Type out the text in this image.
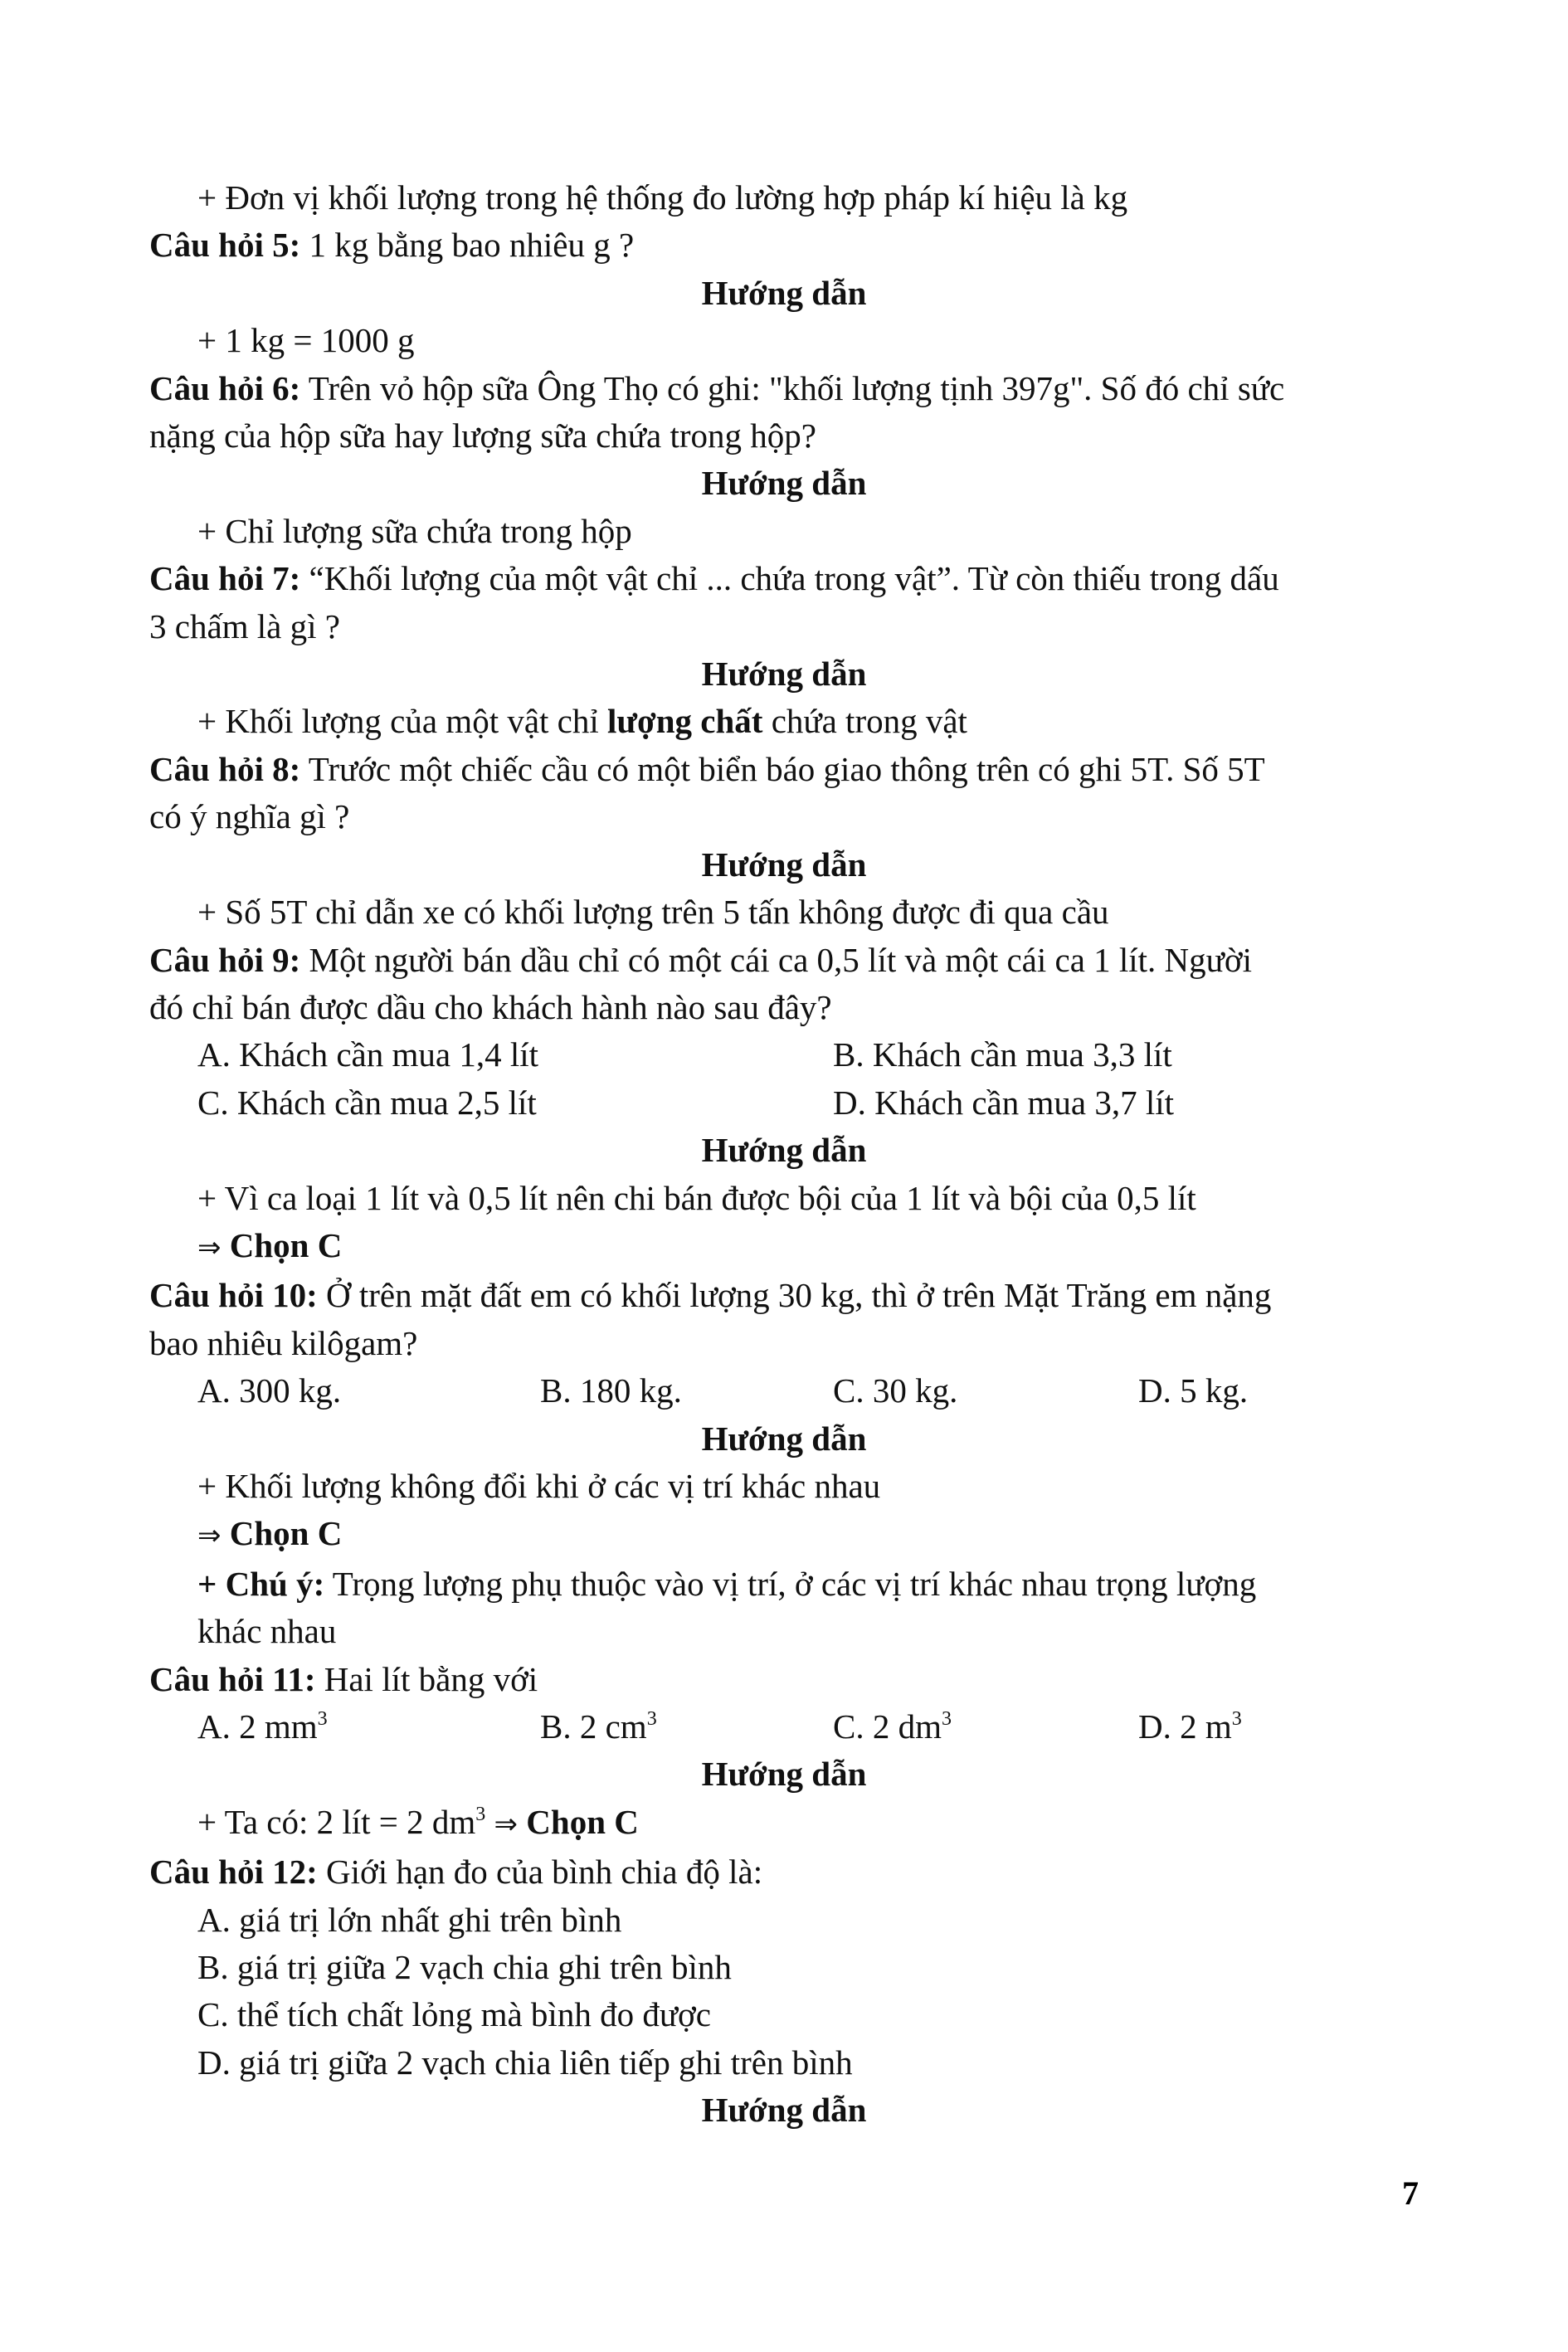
+ Đơn vị khối lượng trong hệ thống đo lường hợp pháp kí hiệu là kg
Câu hỏi 5: 1 kg bằng bao nhiêu g ?
Hướng dẫn
+ 1 kg = 1000 g
Câu hỏi 6: Trên vỏ hộp sữa Ông Thọ có ghi: "khối lượng tịnh 397g". Số đó chỉ sức
nặng của hộp sữa hay lượng sữa chứa trong hộp?
Hướng dẫn
+ Chỉ lượng sữa chứa trong hộp
Câu hỏi 7: “Khối lượng của một vật chỉ ... chứa trong vật”. Từ còn thiếu trong dấu
3 chấm là gì ?
Hướng dẫn
+ Khối lượng của một vật chỉ lượng chất chứa trong vật
Câu hỏi 8: Trước một chiếc cầu có một biển báo giao thông trên có ghi 5T. Số 5T
có ý nghĩa gì ?
Hướng dẫn
+ Số 5T chỉ dẫn xe có khối lượng trên 5 tấn không được đi qua cầu
Câu hỏi 9: Một người bán dầu chỉ có một cái ca 0,5 lít và một cái ca 1 lít. Người
đó chỉ bán được dầu cho khách hành nào sau đây?
A. Khách cần mua 1,4 lít	B. Khách cần mua 3,3 lít
C. Khách cần mua 2,5 lít	D. Khách cần mua 3,7 lít
Hướng dẫn
+ Vì ca loại 1 lít và 0,5 lít nên chi bán được bội của 1 lít và bội của 0,5 lít
⇒ Chọn C
Câu hỏi 10: Ở trên mặt đất em có khối lượng 30 kg, thì ở trên Mặt Trăng em nặng
bao nhiêu kilôgam?
A. 300 kg.	B. 180 kg.	C. 30 kg.	D. 5 kg.
Hướng dẫn
+ Khối lượng không đổi khi ở các vị trí khác nhau
⇒ Chọn C
+ Chú ý: Trọng lượng phụ thuộc vào vị trí, ở các vị trí khác nhau trọng lượng
khác nhau
Câu hỏi 11: Hai lít bằng với
A. 2 $mm^3$	B. 2 $cm^3$	C. 2 $dm^3$	D. 2 $m^3$
Hướng dẫn
+ Ta có: 2 lít = 2 $dm^3$ ⇒ Chọn C
Câu hỏi 12: Giới hạn đo của bình chia độ là:
A. giá trị lớn nhất ghi trên bình
B. giá trị giữa 2 vạch chia ghi trên bình
C. thể tích chất lỏng mà bình đo được
D. giá trị giữa 2 vạch chia liên tiếp ghi trên bình
Hướng dẫn
7
